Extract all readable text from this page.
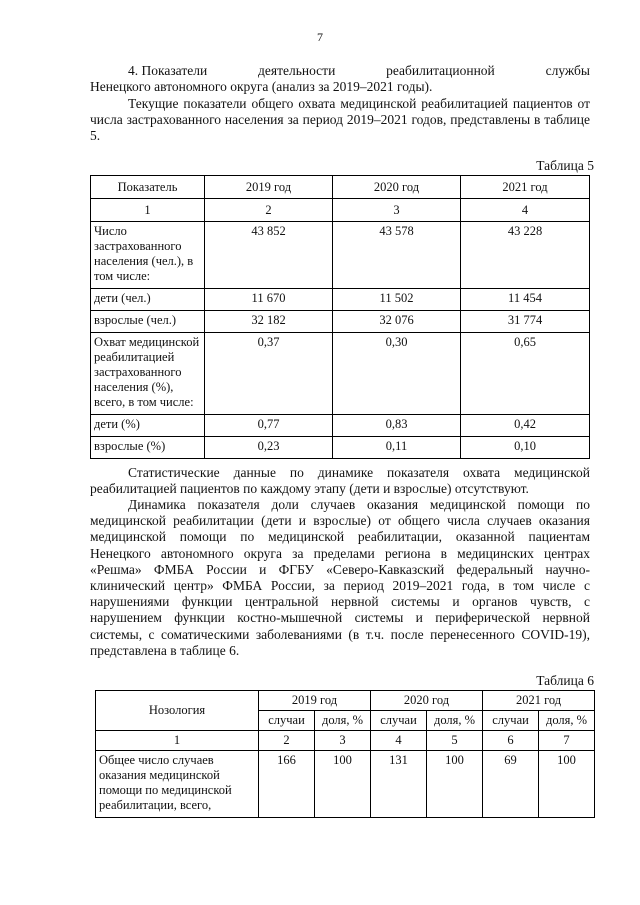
7
4. Показатели	деятельности	реабилитационной	службы
Ненецкого автономного округа (анализ за 2019–2021 годы).

Текущие показатели общего охвата медицинской реабилитацией пациентов от числа застрахованного населения за период 2019–2021 годов, представлены в таблице 5.

Таблица 5
Показатель	2019 год	2020 год	2021 год
1	2	3	4
Число застрахованного населения (чел.), в том числе:	43 852	43 578	43 228
дети (чел.)	11 670	11 502	11 454
взрослые (чел.)	32 182	32 076	31 774
Охват медицинской реабилитацией застрахованного населения (%), всего, в том числе:	0,37	0,30	0,65
дети (%)	0,77	0,83	0,42
взрослые (%)	0,23	0,11	0,10

Статистические данные по динамике показателя охвата медицинской реабилитацией пациентов по каждому этапу (дети и взрослые) отсутствуют.

Динамика показателя доли случаев оказания медицинской помощи по медицинской реабилитации (дети и взрослые) от общего числа случаев оказания медицинской помощи по медицинской реабилитации, оказанной пациентам Ненецкого автономного округа за пределами региона в медицинских центрах «Решма» ФМБА России и ФГБУ «Северо-Кавказский федеральный научно-клинический центр» ФМБА России, за период 2019–2021 года, в том числе с нарушениями функции центральной нервной системы и органов чувств, с нарушением функции костно-мышечной системы и периферической нервной системы, с соматическими заболеваниями (в т.ч. после перенесенного COVID-19), представлена в таблице 6.

Таблица 6
Нозология	2019 год		2020 год		2021 год	
	случаи	доля, %	случаи	доля, %	случаи	доля, %
1	2	3	4	5	6	7
Общее число случаев оказания медицинской помощи по медицинской реабилитации, всего,	166	100	131	100	69	100
